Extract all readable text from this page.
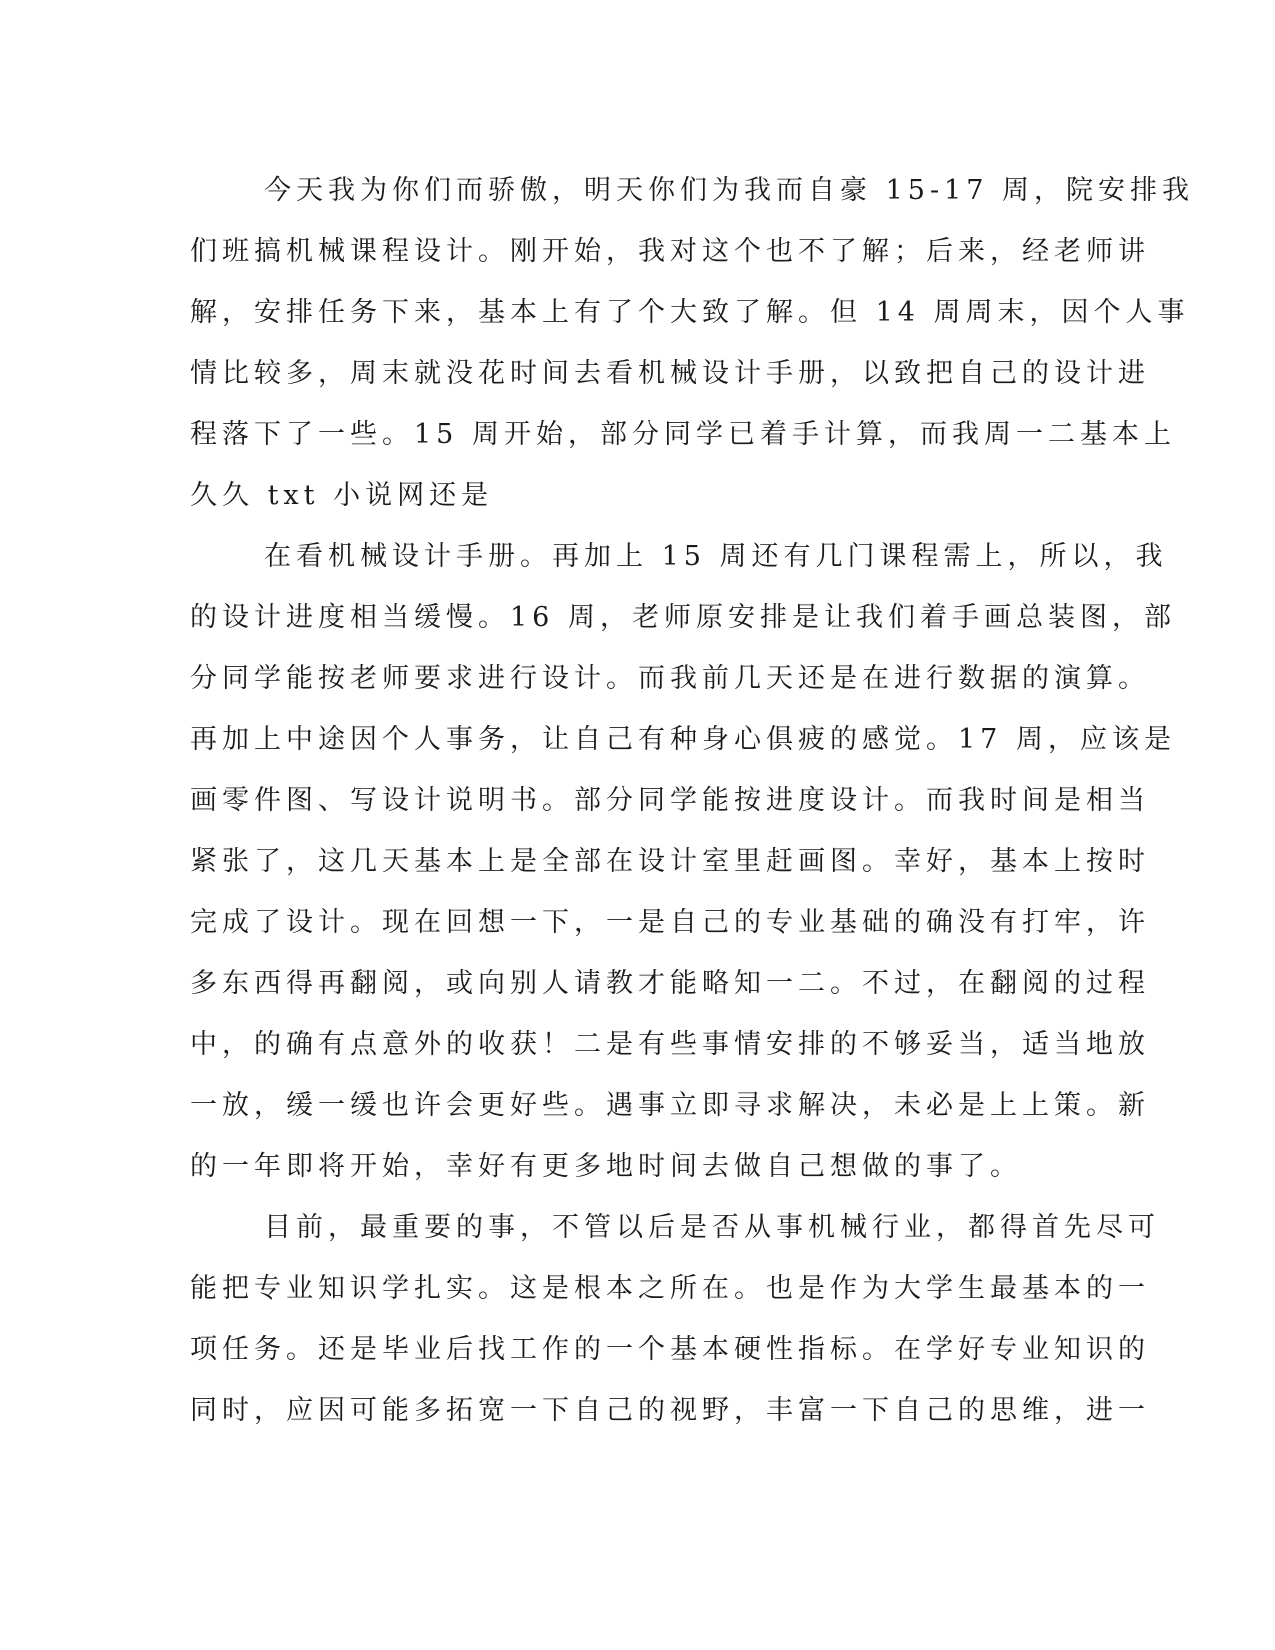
今天我为你们而骄傲，明天你们为我而自豪 15-17 周，院安排我
们班搞机械课程设计。刚开始，我对这个也不了解；后来，经老师讲
解，安排任务下来，基本上有了个大致了解。但 14 周周末，因个人事
情比较多，周末就没花时间去看机械设计手册，以致把自己的设计进
程落下了一些。15 周开始，部分同学已着手计算，而我周一二基本上
久久 txt 小说网还是
在看机械设计手册。再加上 15 周还有几门课程需上，所以，我
的设计进度相当缓慢。16 周，老师原安排是让我们着手画总装图，部
分同学能按老师要求进行设计。而我前几天还是在进行数据的演算。
再加上中途因个人事务，让自己有种身心俱疲的感觉。17 周，应该是
画零件图、写设计说明书。部分同学能按进度设计。而我时间是相当
紧张了，这几天基本上是全部在设计室里赶画图。幸好，基本上按时
完成了设计。现在回想一下，一是自己的专业基础的确没有打牢，许
多东西得再翻阅，或向别人请教才能略知一二。不过，在翻阅的过程
中，的确有点意外的收获！二是有些事情安排的不够妥当，适当地放
一放，缓一缓也许会更好些。遇事立即寻求解决，未必是上上策。新
的一年即将开始，幸好有更多地时间去做自己想做的事了。
目前，最重要的事，不管以后是否从事机械行业，都得首先尽可
能把专业知识学扎实。这是根本之所在。也是作为大学生最基本的一
项任务。还是毕业后找工作的一个基本硬性指标。在学好专业知识的
同时，应因可能多拓宽一下自己的视野，丰富一下自己的思维，进一
